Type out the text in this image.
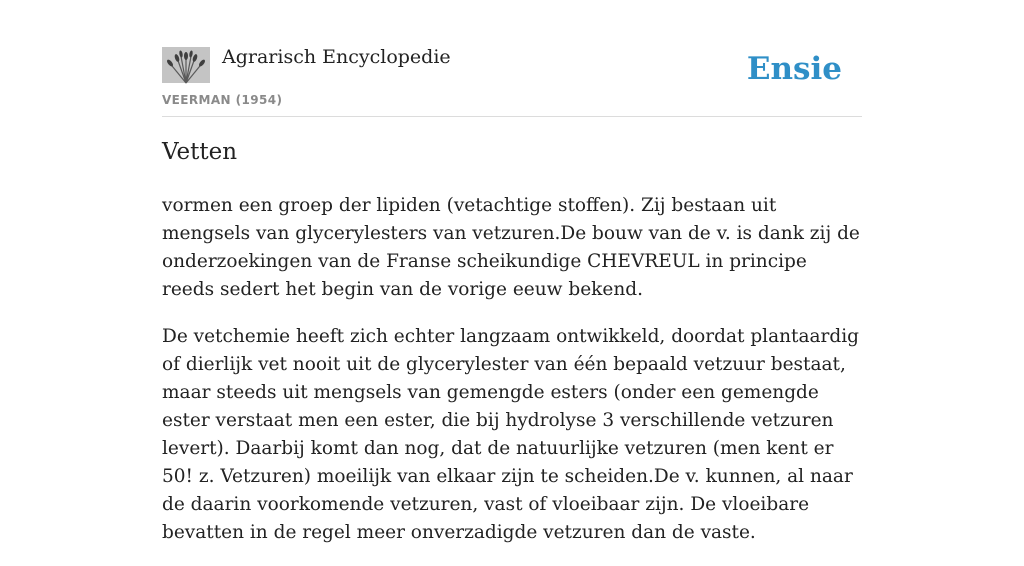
Agrarisch Encyclopedie
VEERMAN (1954)
Ensie
Vetten

vormen een groep der lipiden (vetachtige stoffen). Zij bestaan uit mengsels van glycerylesters van vetzuren.De bouw van de v. is dank zij de onderzoekingen van de Franse scheikundige CHEVREUL in principe reeds sedert het begin van de vorige eeuw bekend.

De vetchemie heeft zich echter langzaam ontwikkeld, doordat plantaardig of dierlijk vet nooit uit de glycerylester van één bepaald vetzuur bestaat, maar steeds uit mengsels van gemengde esters (onder een gemengde ester verstaat men een ester, die bij hydrolyse 3 verschillende vetzuren levert). Daarbij komt dan nog, dat de natuurlijke vetzuren (men kent er 50! z. Vetzuren) moeilijk van elkaar zijn te scheiden.De v. kunnen, al naar de daarin voorkomende vetzuren, vast of vloeibaar zijn. De vloeibare bevatten in de regel meer onverzadigde vetzuren dan de vaste.
